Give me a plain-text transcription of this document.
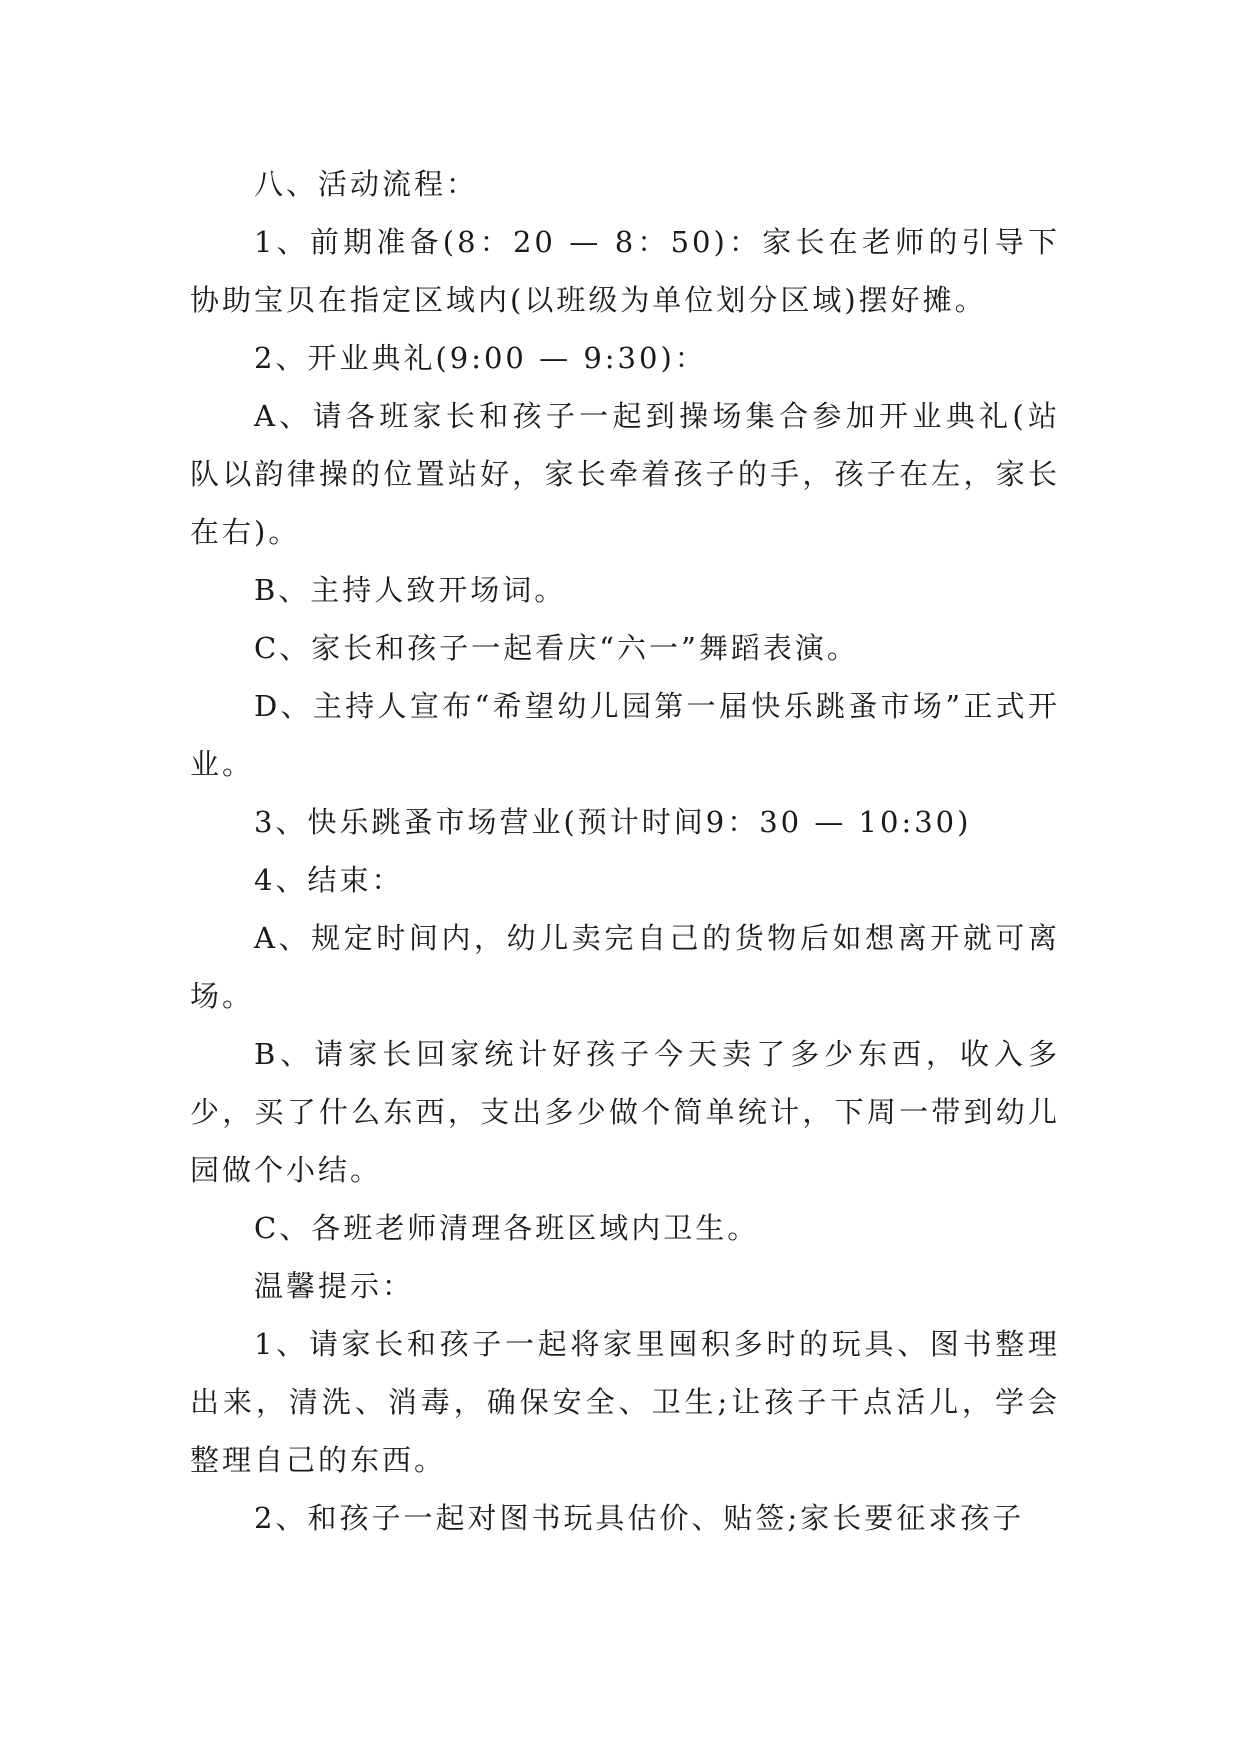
八、活动流程：

1、前期准备(8：20 — 8：50)：家长在老师的引导下协助宝贝在指定区域内(以班级为单位划分区域)摆好摊。

2、开业典礼(9:00 — 9:30)：

A、请各班家长和孩子一起到操场集合参加开业典礼(站队以韵律操的位置站好，家长牵着孩子的手，孩子在左，家长在右)。

B、主持人致开场词。

C、家长和孩子一起看庆“六一”舞蹈表演。

D、主持人宣布“希望幼儿园第一届快乐跳蚤市场”正式开业。

3、快乐跳蚤市场营业(预计时间9：30 — 10:30)

4、结束：

A、规定时间内，幼儿卖完自己的货物后如想离开就可离场。

B、请家长回家统计好孩子今天卖了多少东西，收入多少，买了什么东西，支出多少做个简单统计，下周一带到幼儿园做个小结。

C、各班老师清理各班区域内卫生。

温馨提示：

1、请家长和孩子一起将家里囤积多时的玩具、图书整理出来，清洗、消毒，确保安全、卫生;让孩子干点活儿，学会整理自己的东西。

2、和孩子一起对图书玩具估价、贴签;家长要征求孩子
